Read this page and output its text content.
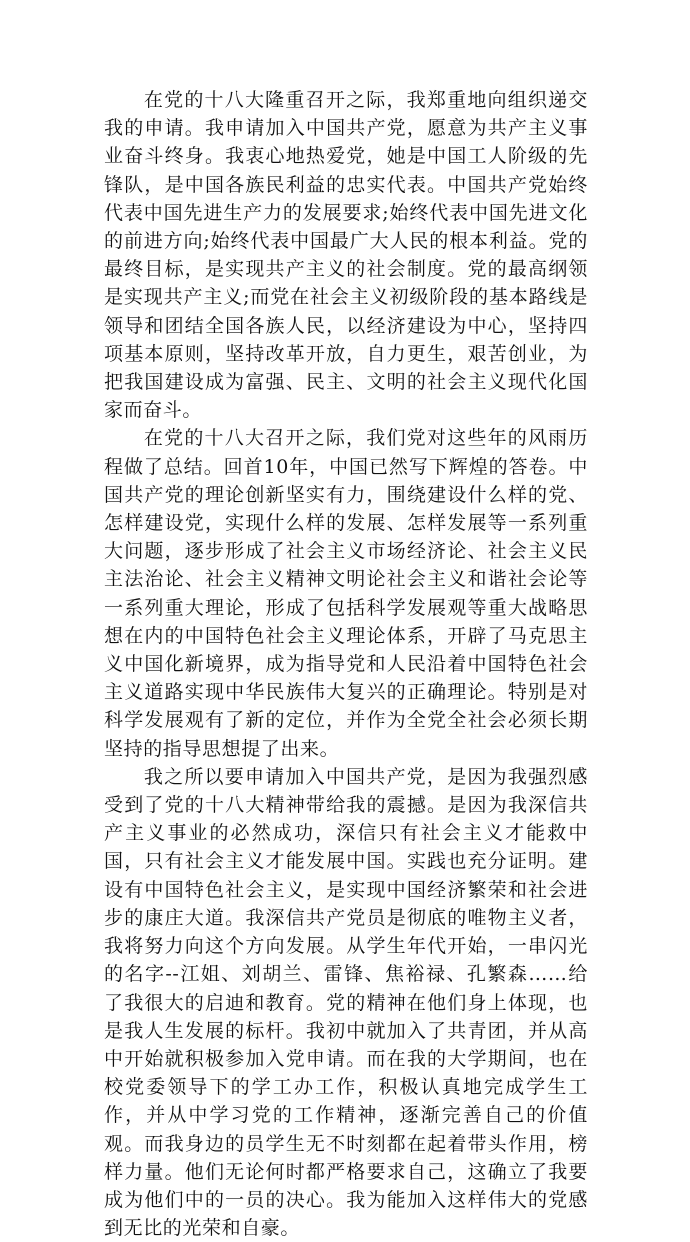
在党的十八大隆重召开之际，我郑重地向组织递交我的申请。我申请加入中国共产党，愿意为共产主义事业奋斗终身。我衷心地热爱党，她是中国工人阶级的先锋队，是中国各族民利益的忠实代表。中国共产党始终代表中国先进生产力的发展要求;始终代表中国先进文化的前进方向;始终代表中国最广大人民的根本利益。党的最终目标，是实现共产主义的社会制度。党的最高纲领是实现共产主义;而党在社会主义初级阶段的基本路线是领导和团结全国各族人民，以经济建设为中心，坚持四项基本原则，坚持改革开放，自力更生，艰苦创业，为把我国建设成为富强、民主、文明的社会主义现代化国家而奋斗。

在党的十八大召开之际，我们党对这些年的风雨历程做了总结。回首10年，中国已然写下辉煌的答卷。中国共产党的理论创新坚实有力，围绕建设什么样的党、怎样建设党，实现什么样的发展、怎样发展等一系列重大问题，逐步形成了社会主义市场经济论、社会主义民主法治论、社会主义精神文明论社会主义和谐社会论等一系列重大理论，形成了包括科学发展观等重大战略思想在内的中国特色社会主义理论体系，开辟了马克思主义中国化新境界，成为指导党和人民沿着中国特色社会主义道路实现中华民族伟大复兴的正确理论。特别是对科学发展观有了新的定位，并作为全党全社会必须长期坚持的指导思想提了出来。

我之所以要申请加入中国共产党，是因为我强烈感受到了党的十八大精神带给我的震撼。是因为我深信共产主义事业的必然成功，深信只有社会主义才能救中国，只有社会主义才能发展中国。实践也充分证明。建设有中国特色社会主义，是实现中国经济繁荣和社会进步的康庄大道。我深信共产党员是彻底的唯物主义者，我将努力向这个方向发展。从学生年代开始，一串闪光的名字--江姐、刘胡兰、雷锋、焦裕禄、孔繁森……给了我很大的启迪和教育。党的精神在他们身上体现，也是我人生发展的标杆。我初中就加入了共青团，并从高中开始就积极参加入党申请。而在我的大学期间，也在校党委领导下的学工办工作，积极认真地完成学生工作，并从中学习党的工作精神，逐渐完善自己的价值观。而我身边的员学生无不时刻都在起着带头作用，榜样力量。他们无论何时都严格要求自己，这确立了我要成为他们中的一员的决心。我为能加入这样伟大的党感到无比的光荣和自豪。
